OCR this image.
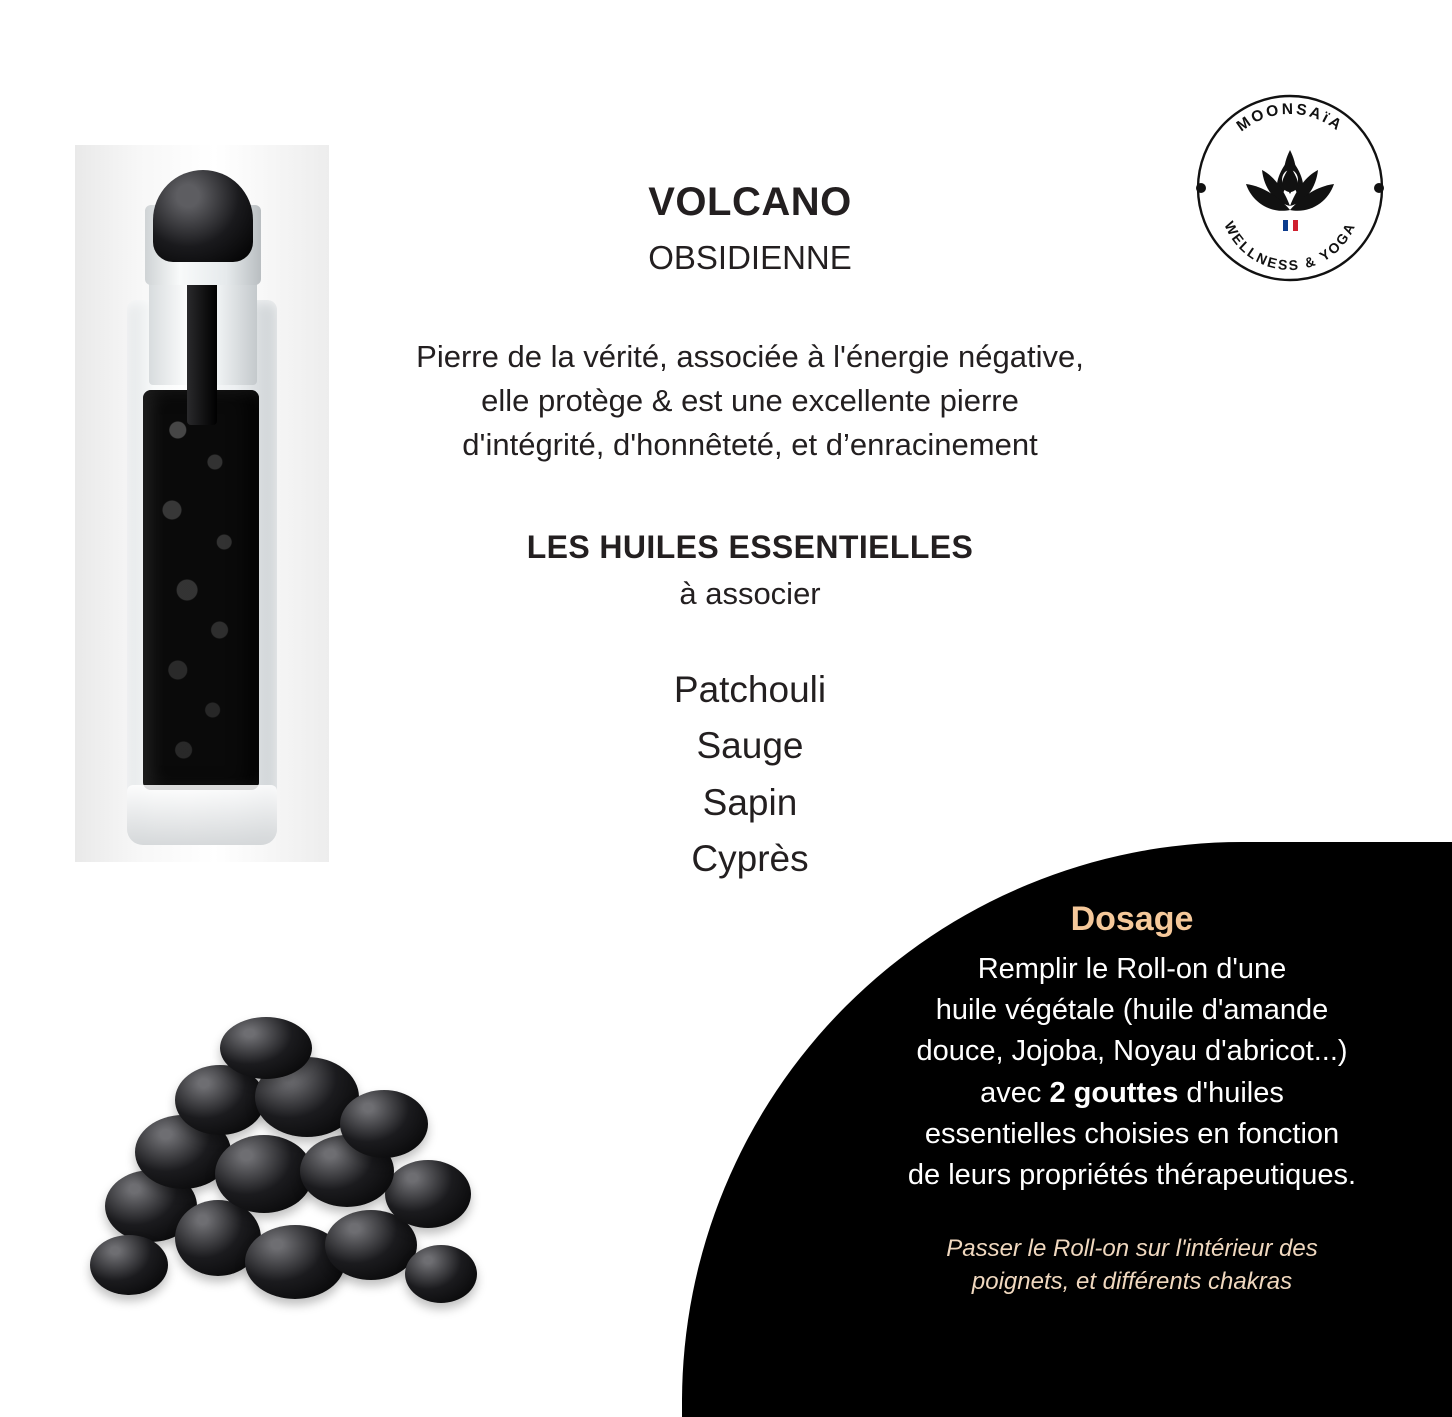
MOONSAïA
WELLNESS & YOGA
VOLCANO
OBSIDIENNE
Pierre de la vérité, associée à l'énergie négative,
elle protège & est une excellente pierre
d'intégrité, d'honnêteté, et d’enracinement
LES HUILES ESSENTIELLES
à associer
Patchouli
Sauge
Sapin
Cyprès
Dosage
Remplir le Roll-on d'une
huile végétale (huile d'amande
douce, Jojoba, Noyau d'abricot...)
avec 2 gouttes d'huiles
essentielles choisies en fonction
de leurs propriétés thérapeutiques.
Passer le Roll-on sur l'intérieur des
poignets, et différents chakras
